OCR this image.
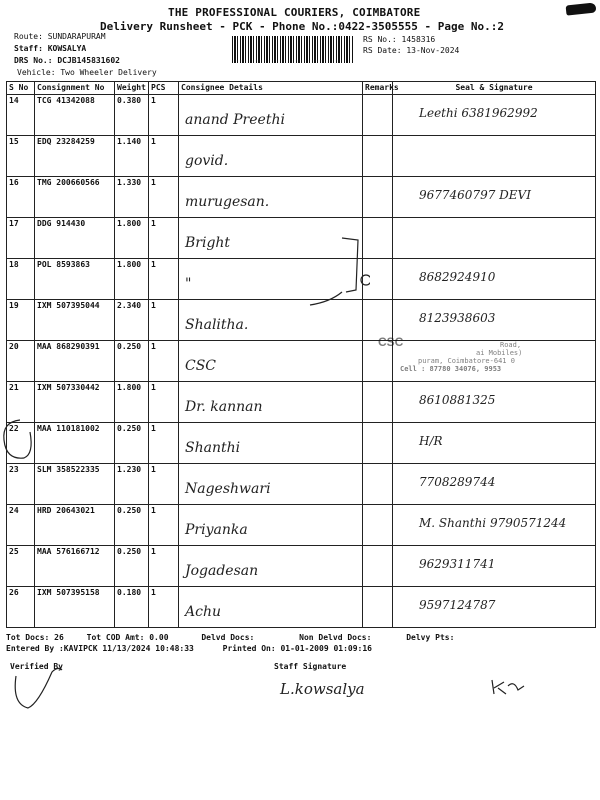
THE PROFESSIONAL COURIERS, COIMBATORE
Delivery Runsheet - PCK - Phone No.:0422-3505555 - Page No.:2
Route: SUNDARAPURAM
Staff: KOWSALYA
DRS No.: DCJB145831602
Vehicle: Two Wheeler Delivery
RS No.: 1458316
RS Date: 13-Nov-2024
S No	Consignment No	Weight	PCS	Consignee Details	Remarks	Seal & Signature
14	TCG 41342088	0.380	1	anand Preethi		Leethi 6381962992

15	EDQ 23284259	1.140	1	govid.		

16	TMG 200660566	1.330	1	murugesan.		9677460797 DEVI

17	DDG 914430	1.800	1	Bright		

18	POL 8593863	1.800	1	"		8682924910

19	IXM 507395044	2.340	1	Shalitha.		8123938603

20	MAA 868290391	0.250	1	CSC		

21	IXM 507330442	1.800	1	Dr. kannan		8610881325

22	MAA 110181002	0.250	1	Shanthi		H/R

23	SLM 358522335	1.230	1	Nageshwari		7708289744

24	HRD 20643021	0.250	1	Priyanka		M. Shanthi 9790571244

25	MAA 576166712	0.250	1	Jogadesan		9629311741

26	IXM 507395158	0.180	1	Achu		9597124787
CSC	Road,
ai Mobiles)
puram, Coimbatore-641 0
Cell : 87780 34076, 9953
Tot Docs: 26	Tot COD Amt: 0.00	Delvd Docs:	Non Delvd Docs:	Delvy Pts:
Entered By :KAVIPCK 11/13/2024 10:48:33	Printed On: 01-01-2009 01:09:16
Verified By	Staff Signature
L.kowsalya
